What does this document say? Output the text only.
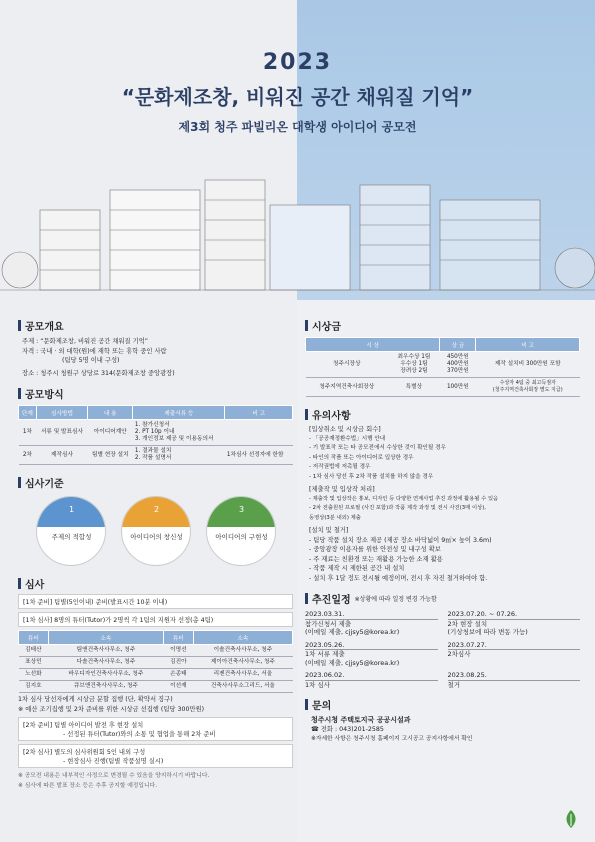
2023
“문화제조창, 비워진 공간 채워질 기억”
제3회 청주 파빌리온 대학생 아이디어 공모전
공모개요
주제 : “문화제조창, 비워진 공간 채워질 기억”
자격 : 국내 · 외 대학(원)에 재학 또는 휴학 중인 사람
(팀당 5명 이내 구성)
장소 : 청주시 청원구 상당로 314(문화제조창 중앙광장)
공모방식
단계	심사방법	내 용	제출서류 등	비 고
1차	서류 및 발표심사	아이디어계안	1. 참가신청서
2. PT 10p 이내
3. 개인정보 제공 및 이용동의서	
2차	제작심사	팀별 현장 설치	1. 결과물 설치
2. 작품 설명서	1차심사 선정자에 한함
심사기준
1
주제의 적합성
2
아이디어의 창신성
3
아이디어의 구현성
심사
[1차 준비] 팀별(5인이내) 준비(발표시간 10분 이내)
[1차 심사] 8명의 튜터(Tutor)가 2명씩 각 1팀의 지원자 선정(총 4팀)
튜터	소속	튜터	소속
김태산	팀앤건축사사무소, 청주	이명선	이솔건축사사무소, 청주
표상민	다솔건축사사무소, 청주	김진아	제이아건축사사무소, 청주
노선화	바우디자인건축사사무소, 청주	손종태	리젠건축사사무소, 서울
김지호	큐브앤건축사사무소, 청주	이선재	건축사사무소그리드, 서울
1차 심사 당선자에게 시상금 분할 집행 (단, 확약서 징구)
※ 예산 조기집행 및 2차 준비를 위한 시상금 선집행 (팀당 300만원)
[2차 준비] 팀별 아이디어 발전 후 현장 설치
- 선정된 튜터(Tutor)와의 소통 및 협업을 통해 2차 준비
[2차 심사] 별도의 심사위원회 5인 내외 구성
- 현장심사 진행(팀별 작품설명 실시)
※ 공모전 내용은 내부적인 사정으로 변경될 수 있음을 양지하시기 바랍니다.
※ 심사에 따른 발표 장소 등은 추후 공지할 예정입니다.
시상금
시 상		상 금	비 고
청주시장상	최우수상 1팀
우수상 1팀
장려상 2팀	450만원
400만원
370만원	제작 설치비 300만원 포함
청주지역건축사회장상	특별상	100만원	수상자 4팀 중 최고득점자
(청주지역건축사회장 별도 지급)
유의사항
[입상취소 및 시상금 회수]
- 「공공재정환수법」시행 안내
- 기 발표작 또는 타 공모전에서 수상한 것이 확인될 경우
- 타인의 작품 또는 아이디어로 입상한 경우
- 저작권법에 저촉될 경우
- 1차 심사 당선 후 2차 작품 설치를 하지 않을 경우
[제출작 및 입상작 처리]
- 제출작 및 입상작은 홍보, 디자인 등 다양한 연계사업 추진 과정에 활용될 수 있음
- 2차 전출원된 프로필 (사진 포함)과 작품 제작 과정 및 전시 사진(3매 이상),
동영상(3분 내외) 제출
[설치 및 철거]
- 팀당 작품 설치 장소 제공 (제공 장소 바닥넓이 9㎡× 높이 3.6m)
- 중앙광장 이용자를 위한 안전성 및 내구성 확보
- 주 재료는 친환경 또는 재활용 가능한 소재 활용
- 작품 제작 시 제한된 공간 내 설치
- 설치 후 1달 정도 전시될 예정이며, 전시 후 자진 철거하여야 함.
추진일정 ※상황에 따라 일정 변경 가능함
2023.03.31.
참가신청서 제출
(이메일 제출, cjjsy5@korea.kr)
2023.07.20. ~ 07.26.
2차 현장 설치
(기상청보에 따라 변동 가능)
2023.05.26.
1차 서류 제출
(이메일 제출, cjjsy5@korea.kr)
2023.07.27.
2차심사
2023.06.02.
1차 심사
2023.08.25.
철거
문의
청주시청 주택토지국 공공시설과
☎ 전화 : 043)201-2585
※자세한 사항은 청주시청 홈페이지 고시공고 공지사항에서 확인
